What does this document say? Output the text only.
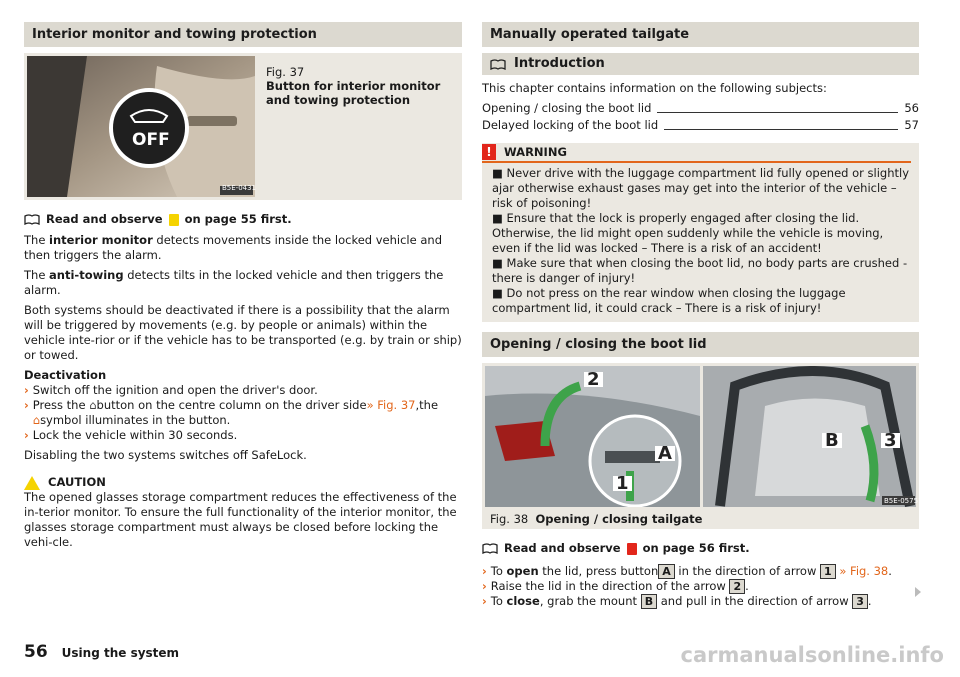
Interior monitor and towing protection
OFF
B5E-0431
Fig. 37
Button for interior monitor and towing protection
Read and observe on page 55 first.

The interior monitor detects movements inside the locked vehicle and then triggers the alarm.

The anti-towing detects tilts in the locked vehicle and then triggers the alarm.

Both systems should be deactivated if there is a possibility that the alarm will be triggered by movements (e.g. by people or animals) within the vehicle inte-rior or if the vehicle has to be transported (e.g. by train or ship) or towed.

Deactivation
› Switch off the ignition and open the driver's door.
› Press the ⌂button on the centre column on the driver side» Fig. 37,the
⌂symbol illuminates in the button.
› Lock the vehicle within 30 seconds.

Disabling the two systems switches off SafeLock.

CAUTION

The opened glasses storage compartment reduces the effectiveness of the in-terior monitor. To ensure the full functionality of the interior monitor, the glasses storage compartment must always be closed before locking the vehi-cle.

Manually operated tailgate
Introduction

This chapter contains information on the following subjects:

Opening / closing the boot lid	56
Delayed locking of the boot lid	57
!	WARNING
■ Never drive with the luggage compartment lid fully opened or slightly ajar otherwise exhaust gases may get into the interior of the vehicle – risk of poisoning!
■ Ensure that the lock is properly engaged after closing the lid. Otherwise, the lid might open suddenly while the vehicle is moving, even if the lid was locked – There is a risk of an accident!
■ Make sure that when closing the boot lid, no body parts are crushed - there is danger of injury!
■ Do not press on the rear window when closing the luggage compartment lid, it could crack – There is a risk of injury!
Opening / closing the boot lid
2
A
1
B	3
B5E-0575
Fig. 38 Opening / closing tailgate
Read and observe on page 56 first.
› To open the lid, press button A in the direction of arrow 1 » Fig. 38.
› Raise the lid in the direction of the arrow 2 .
› To close, grab the mount B and pull in the direction of arrow 3 .
56 Using the system	carmanualsonline.info
